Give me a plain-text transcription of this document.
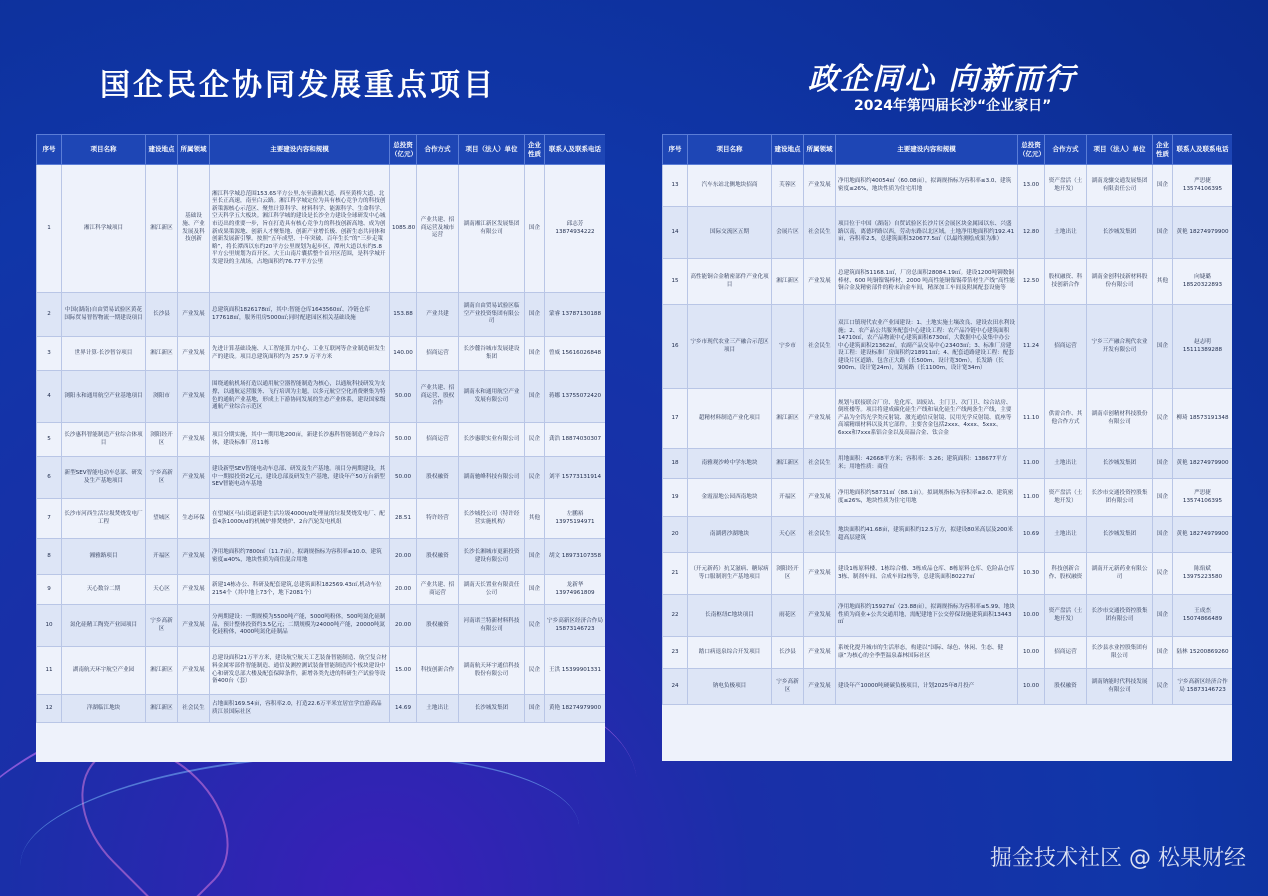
国企民企协同发展重点项目	政企同心 向新而行
2024年第四届长沙“企业家日”
序号	项目名称	建设地点	所属领域	主要建设内容和规模	总投资（亿元）	合作方式	项目（法人）单位	企业性质	联系人及联系电话
1	湘江科学城项目	湘江新区	基础设施、产业发展及科技创新	湘江科学城总范围153.65平方公里,东至潇湘大道、西至黄桥大道、北至长正高速，南至白云路。湘江科学城定位为具有核心竞争力的科技创新策源核心示范区、聚焦计算科学、材料科学、能源科学、生命科学、空天科学五大板块。湘江科学城的建设是长沙全力建设全球研发中心城市迈出的重要一步，旨在打造具有核心竞争力的科技创新高地、成为创新成果策源地、创新人才聚集地、创新产业增长极、创新生态共同体和创新发展新引擎。按照“五年成型、十年突破、百年生长”的“三步走策略”，将长潭西以东约20平方公里规划为起步区，潭州大道以东约5.8平方公里规划为首开区。大王山南片囊括整个首开区范围，是科学城开发建设的主战场，占地面积约76.77平方公里	1085.80	产业共建、招商运营及城市运营	湖南湘江新区发展集团有限公司	国企	邱志芳 13874934222
2	中国(湖南)自由贸易试验区黄花国际贸易智智物流一期建设项目	长沙县	产业发展	总建筑面积1826178㎡，其中:智能仓库1643560㎡、冷链仓库177618㎡，服务用房5000㎡;同时配建园区相关基础设施	153.88	产业共建	湖南自由贸易试验区临空产业投资集团有限公司	国企	蒙睿 13787130188
3	世界计算·长沙智谷项目	湘江新区	产业发展	先进计算基础设施、人工智能算力中心、工业互联网等企业制造研发生产的建设。项目总建筑面积约为 257.9 万平方米	140.00	招商运营	长沙麓谷城市发展建设集团	国企	曾威 15616026848
4	浏阳永和通用航空产业基地项目	浏阳市	产业发展	围绕通航机场打造以通用航空器智能制造为核心，以通航科技研发为支撑，以通航运营服务、飞行培训为主题，以多元航空空化消费聚集为特色的通航产业基地，形成上下游协同发展的生态产业体系，建设国家级通航产业综合示范区	50.00	产业共建、招商运营、股权合作	湖南永和通用航空产业发展有限公司	国企	蒋娜 13755072420
5	长沙惠科智能制造产业综合体项目	浏阳经开区	产业发展	项目分期实施，其中一期用地200亩，新建长沙惠科智能制造产业综合体，建设标准厂房11栋	50.00	招商运营	长沙惠联实业有限公司	民企	龚浩 18874030307
6	新型SEV智能电动车总部、研发及生产基地项目	宁乡高新区	产业发展	建设新型SEV智能电动车总部、研发及生产基地。项目分两期建设，其中一期拟投资2亿元，建设总部及研发生产基地，建设年产50万台新型SEV智能电动车基地	50.00	股权融资	湖南驰峰科技有限公司	民企	刘平 15773131914
7	长沙市河西生活垃圾焚烧发电厂工程	望城区	生态环保	在望城区马山街道新建生活垃圾4000t/d处理量的垃圾焚烧发电厂、配套4条1000t/d的机械炉排焚烧炉、2台汽轮发电机组	28.51	特许经营	长沙城投公司（特许经营实施机构）	其他	左鹏裕 13975194971
8	湘雅路项目	开福区	产业发展	净用地面积约7800㎡（11.7亩）。拟调规指标为容积率≤10.0、建筑密度≤40%，地块性质为商住混合用地	20.00	股权融资	长沙长湘城市更新投资建设有限公司	国企	胡文 18973107358
9	天心数谷二期	天心区	产业发展	新建14栋办公、科研及配套建筑,总建筑面积182569.43㎡,机动车位2154个（其中地上73个，地下2081个）	20.00	产业共建、招商运营	湖南天长置业有限责任公司	国企	龙新华 13974961809
10	氮化硅精工陶瓷产业园项目	宁乡高新区	产业发展	分两期建设：一期规模为5500吨产能，5000吨粉体，500吨氮化硅制品，预计整体投资约3.5亿元；二期规模为24000吨产能，20000吨氮化硅粉体，4000吨氮化硅制品	20.00	股权融资	河南诺兰特新材料科技有限公司	民企	宁乡高新区经济合作局 15873146723
11	湖南航天环宇航空产业园	湘江新区	产业发展	总建设面积21万平方米，建设航空航天工艺装备智能制造、航空复合材料金属零部件智能制造、通信及测控测试装备智能制造四个板块建设中心和研发总部大楼及配套保障条件，新增各类先进的科研生产试验等设备400台（套）	15.00	科技创新合作	湖南航天环宇通信科技股份有限公司	民企	王洪 15399901331
12	洋湖临江地块	湘江新区	社会民生	占地面积169.54亩，容积率2.0，打造22.6万平米宜居宜学宜游高品质江景国际社区	14.69	土地出让	长沙城发集团	国企	黄艳 18274979900
序号	项目名称	建设地点	所属领域	主要建设内容和规模	总投资（亿元）	合作方式	项目（法人）单位	企业性质	联系人及联系电话
13	汽车东站北侧地块招商	芙蓉区	产业发展	净用地面积约40054㎡（60.08亩），拟调规指标为容积率≤3.0、建筑密度≤26%，地块性质为住宅用地	13.00	资产盘活（土地开发）	湖南龙骧交通发展集团有限责任公司	国企	严思捷 13574106395
14	国际交流区五期	会展片区	社会民生	项目位于中国（湖南）自贸试验区长沙片区会展区块金属园以东、兴盛路以南，离德坪路以西，劳动东路以北区域。土地净用地面积约192.41亩，容积率2.5，总建筑面积320677.5㎡（以最终测绘成果为准）	12.80	土地出让	长沙城发集团	国企	黄艳 18274979900
15	高性能铜合金精密部件产业化项目	湘江新区	产业发展	总建筑面积51168.1㎡，厂房总面积28084.19㎡。建设1200吨铆数铜棒材、600 吨铜镍锡棒材、2000 吨高性能铜镍锡带箔材生产线”高性能铜合金及精密部件的粉末冶金车间，精深加工车间及附属配套设施等	12.50	股权融资、科技创新合作	湖南金创科技新材料股份有限公司	其他	向婕璐 18520322893
16	宁乡市现代农业三产融合示范区项目	宁乡市	社会民生	双江口镇现代农业产业园建设：1、土地实施土壤改良、建设农田水利设施；2、农产品公共服务配套中心建设工程：农产品冷链中心建筑面积14710㎡，农产品物流中心建筑面积6730㎡，大数据中心及集中办公中心建筑面积21362㎡，农副产品交易中心23403㎡；3、标准厂房建设工程：建设标准厂房面积约218911㎡；4、配套道路建设工程：配套建设片区道路、包含正大路（长500m、设计宽30m），长发路（长900m、设计宽24m），发展路（长1100m，设计宽34m）	11.24	招商运营	宁乡三产融合现代农业开发有限公司	国企	赵志明 15111389288
17	超精材料制造产业化项目	湘江新区	产业发展	规划与联接联合厂房、危化库、固废站、主门卫、次门卫、综合站房、倒班楼等。项目将建成碳化硅生产线和氧化硅生产线两条生产线，主要产品为全钨光学类反射镜、激光通信反射镜、民用光学反射镜、底座等高端精细材料以及其它部件，主要含金包括2xxx、4xxx、5xxx、6xxx和7xxx系铝合金以及高温合金、钛合金	11.10	供需合作、其他合作方式	湖南卓创精材科技股份有限公司	民企	柳琦 18573191348
18	南雅观沙岭中学东地块	湘江新区	社会民生	用地面积：42668平方米；容积率：3.26；建筑面积：138677平方米；用地性质：商住	11.00	土地出让	长沙城发集团	国企	黄艳 18274979900
19	金霞湿地公园西南地块	开福区	产业发展	净用地面积约58731㎡（88.1亩）。拟调规指标为容积率≤2.0、建筑密度≤26%，地块性质为住宅用地	11.00	资产盘活（土地开发）	长沙市交通投资控股集团有限公司	国企	严思捷 13574106395
20	南湖碧沙湖地块	天心区	社会民生	地块面积约41.68亩，建筑面积约12.5万方，拟建设80米高层及200米超高层建筑	10.69	土地出让	长沙城发集团	国企	黄艳 18274979900
21	（开元新药）抗艾滋病、糖尿病等口服制剂生产基地项目	浏阳经开区	产业发展	建设1栋原料楼、1栋综合楼、3栋成品仓库、8栋原料仓库、危险品仓库3栋、制剂车间、合成车间2栋等，总建筑面积80227㎡	10.30	科技创新合作、股权融资	湖南开元新药业有限公司	民企	陈焰斌 13975223580
22	长南枢纽C地块项目	雨花区	产业发展	净用地面积约15927㎡（23.88亩），拟调规指标为容积率≤5.99、地块性质为商业+公共交通用地，需配建地下公交停保设施建筑面积13443㎡	10.00	资产盘活（土地开发）	长沙市交通投资控股集团有限公司	国企	王成杰 15074866489
23	踏口病退泉综合开发项目	长沙县	产业发展	系统化提升城市的生活形态，构建以“国际、绿色、休闲、生态、健康”为核心的全季型温泉森林国际社区	10.00	招商运营	长沙县水业控股集团有限公司	国企	陆林 15200869260
24	钠电负极项目	宁乡高新区	产业发展	建设年产10000吨硬碳负极项目，计划2025年8月投产	10.00	股权融资	湖南钠能时代科技发展有限公司	民企	宁乡高新区经济合作局 15873146723
掘金技术社区 @ 松果财经
